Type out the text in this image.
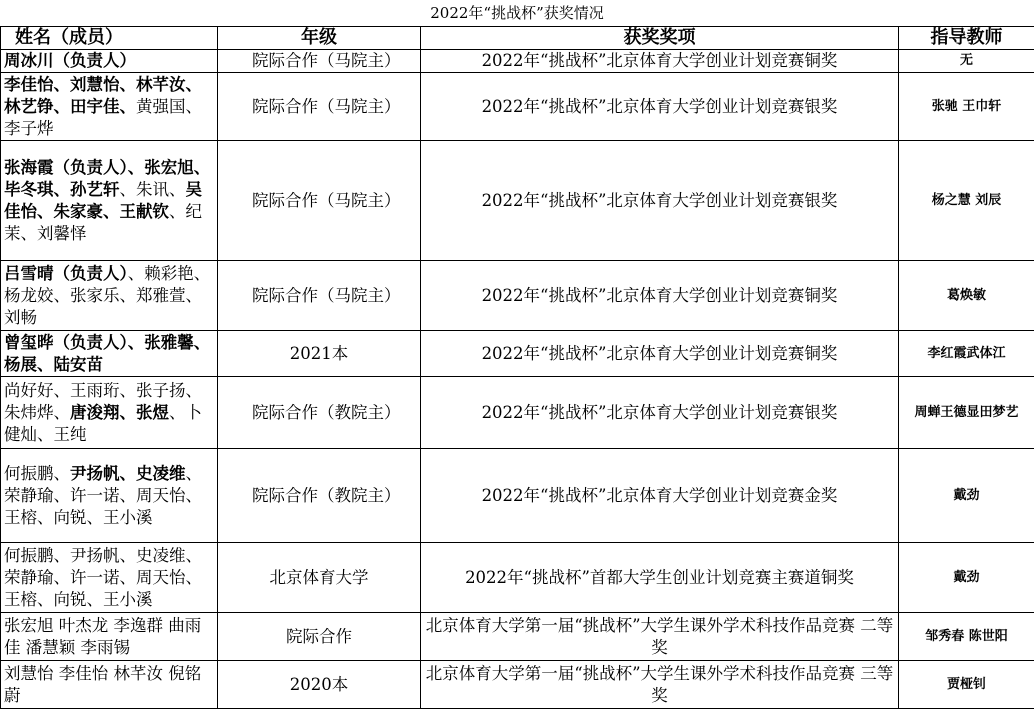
2022年“挑战杯”获奖情况
姓名（成员）	年级	获奖奖项	指导教师
周冰川（负责人）	院际合作（马院主）	2022年“挑战杯”北京体育大学创业计划竞赛铜奖	无
李佳怡、刘慧怡、林芊汝、林艺铮、田宇佳、黄强国、李子烨	院际合作（马院主）	2022年“挑战杯”北京体育大学创业计划竞赛银奖	张驰 王巾轩
张海霞（负责人）、张宏旭、毕冬琪、孙艺轩、朱讯、吴佳怡、朱家豪、王献钦、纪茉、刘馨怿	院际合作（马院主）	2022年“挑战杯”北京体育大学创业计划竞赛银奖	杨之慧 刘辰
吕雪晴（负责人）、赖彩艳、杨龙姣、张家乐、郑雅萱、刘畅	院际合作（马院主）	2022年“挑战杯”北京体育大学创业计划竞赛铜奖	葛焕敏
曾玺晔（负责人）、张雅馨、杨展、陆安苗	2021本	2022年“挑战杯”北京体育大学创业计划竞赛铜奖	李红霞武体江
尚好好、王雨珩、张子扬、朱炜烨、唐浚翔、张煜、卜健灿、王纯	院际合作（教院主）	2022年“挑战杯”北京体育大学创业计划竞赛银奖	周蝉王德显田梦艺
何振鹏、尹扬帆、史凌维、荣静瑜、许一诺、周天怡、王榕、向锐、王小溪	院际合作（教院主）	2022年“挑战杯”北京体育大学创业计划竞赛金奖	戴劲
何振鹏、尹扬帆、史凌维、荣静瑜、许一诺、周天怡、王榕、向锐、王小溪	北京体育大学	2022年“挑战杯”首都大学生创业计划竞赛主赛道铜奖	戴劲
张宏旭 叶杰龙 李逸群 曲雨佳 潘慧颖 李雨锡	院际合作	北京体育大学第一届“挑战杯”大学生课外学术科技作品竞赛 二等奖	邹秀春 陈世阳
刘慧怡 李佳怡 林芊汝 倪铭蔚	2020本	北京体育大学第一届“挑战杯”大学生课外学术科技作品竞赛 三等奖	贾桠钊
